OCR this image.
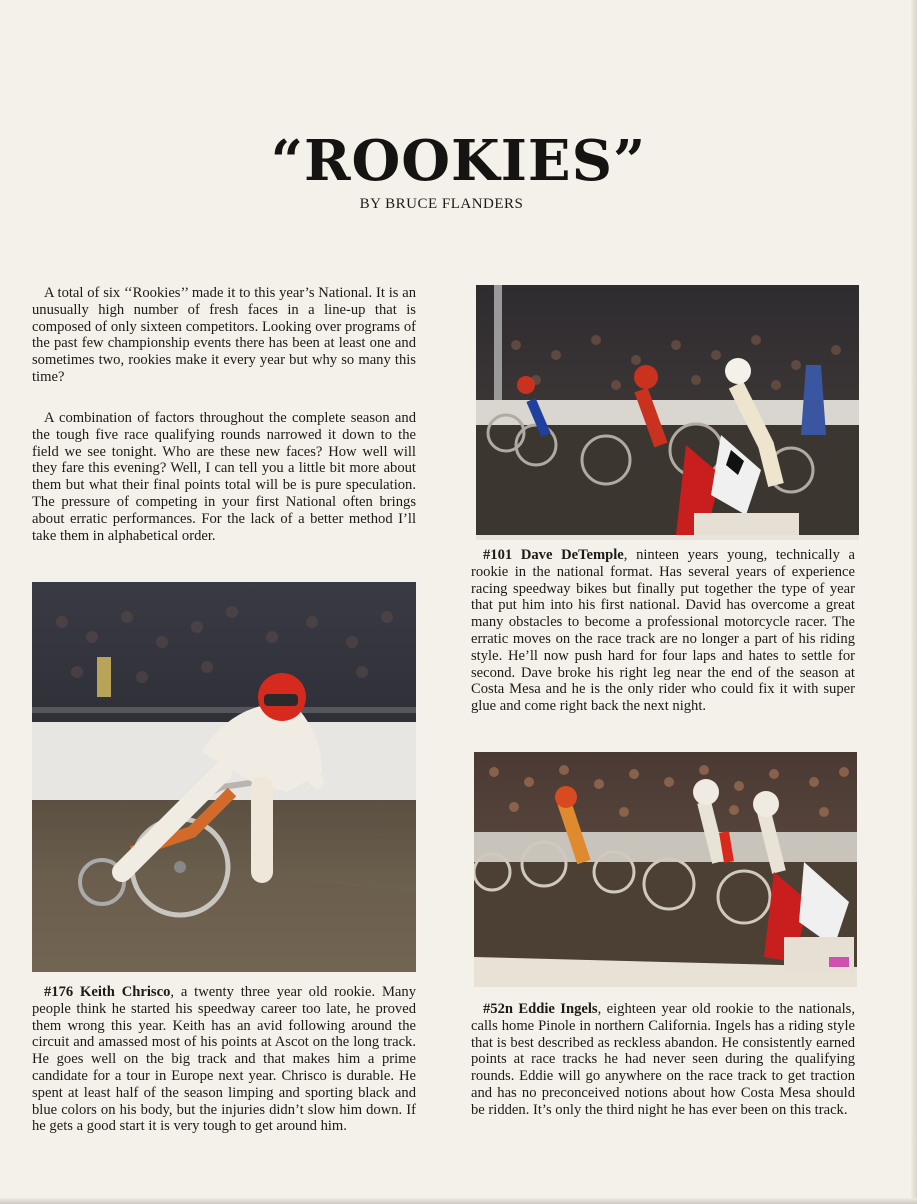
“ROOKIES”
BY BRUCE FLANDERS

A total of six ‘‘Rookies’’ made it to this year’s National. It is an unusually high number of fresh faces in a line-up that is composed of only sixteen competitors. Looking over programs of the past few championship events there has been at least one and sometimes two, rookies make it every year but why so many this time?

A combination of factors throughout the complete season and the tough five race qualifying rounds narrowed it down to the field we see tonight. Who are these new faces? How well will they fare this evening? Well, I can tell you a little bit more about them but what their final points total will be is pure speculation. The pressure of competing in your first National often brings about erratic performances. For the lack of a better method I’ll take them in alphabetical order.

#176 Keith Chrisco, a twenty three year old rookie. Many people think he started his speedway career too late, he proved them wrong this year. Keith has an avid following around the circuit and amassed most of his points at Ascot on the long track. He goes well on the big track and that makes him a prime candidate for a tour in Europe next year. Chrisco is durable. He spent at least half of the season limping and sporting black and blue colors on his body, but the injuries didn’t slow him down. If he gets a good start it is very tough to get around him.

#101 Dave DeTemple, ninteen years young, technically a rookie in the national format. Has several years of experience racing speedway bikes but finally put together the type of year that put him into his first national. David has overcome a great many obstacles to become a professional motorcycle racer. The erratic moves on the race track are no longer a part of his riding style. He’ll now push hard for four laps and hates to settle for second. Dave broke his right leg near the end of the season at Costa Mesa and he is the only rider who could fix it with super glue and come right back the next night.

#52n Eddie Ingels, eighteen year old rookie to the nationals, calls home Pinole in northern California. Ingels has a riding style that is best described as reckless abandon. He consistently earned points at race tracks he had never seen during the qualifying rounds. Eddie will go anywhere on the race track to get traction and has no preconceived notions about how Costa Mesa should be ridden. It’s only the third night he has ever been on this track.
